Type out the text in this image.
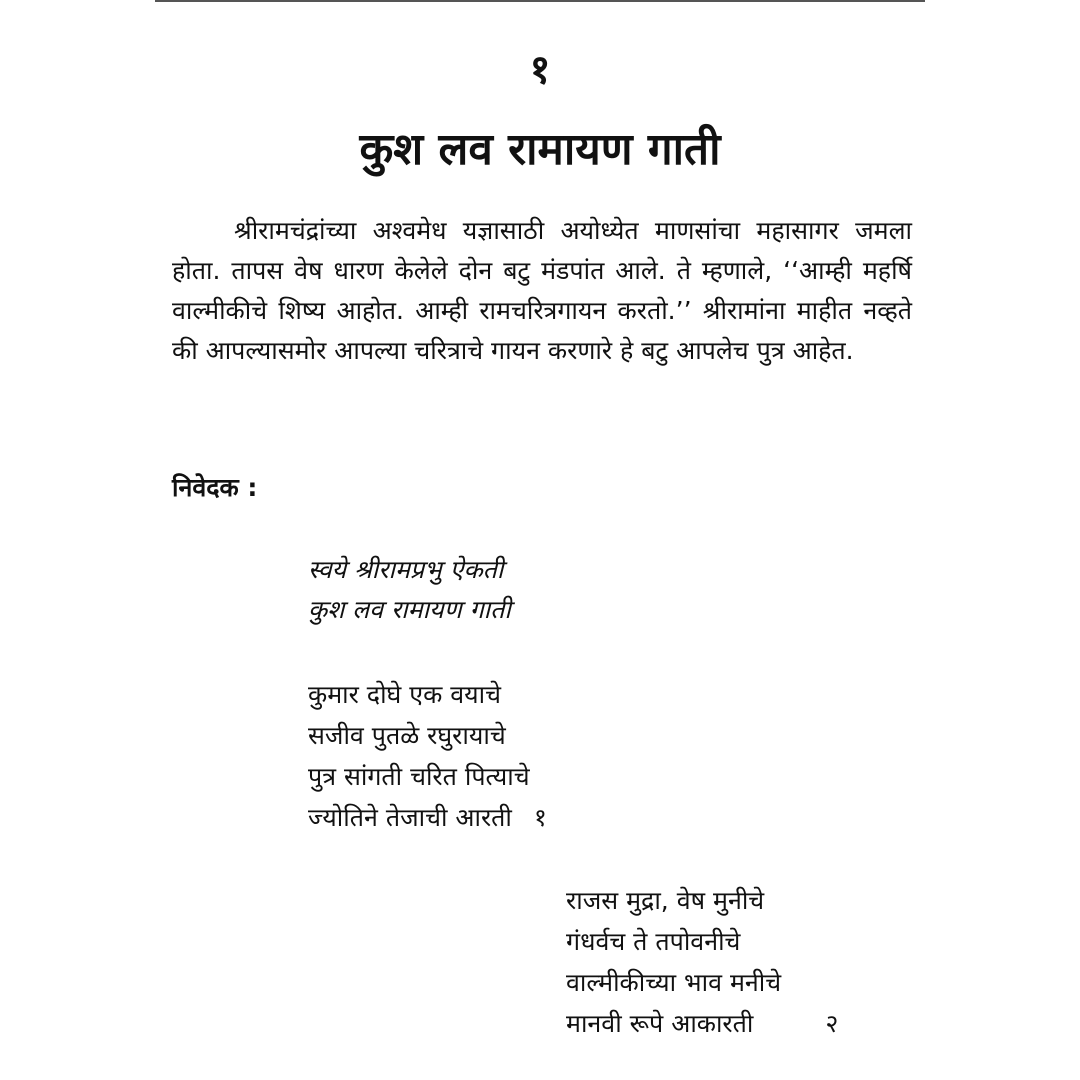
१
कुश लव रामायण गाती

श्रीरामचंद्रांच्या अश्वमेध यज्ञासाठी अयोध्येत माणसांचा महासागर जमला होता. तापस वेष धारण केलेले दोन बटु मंडपांत आले. ते म्हणाले, ‘‘आम्ही महर्षि वाल्मीकीचे शिष्य आहोत. आम्ही रामचरित्रगायन करतो.’’ श्रीरामांना माहीत नव्हते की आपल्यासमोर आपल्या चरित्राचे गायन करणारे हे बटु आपलेच पुत्र आहेत.

निवेदक :
स्वये श्रीरामप्रभु ऐकती
कुश लव रामायण गाती
कुमार दोघे एक वयाचे
सजीव पुतळे रघुरायाचे
पुत्र सांगती चरित पित्याचे
ज्योतिने तेजाची आरती १
राजस मुद्रा, वेष मुनीचे
गंधर्वच ते तपोवनीचे
वाल्मीकीच्या भाव मनीचे
मानवी रूपे आकारती	२
